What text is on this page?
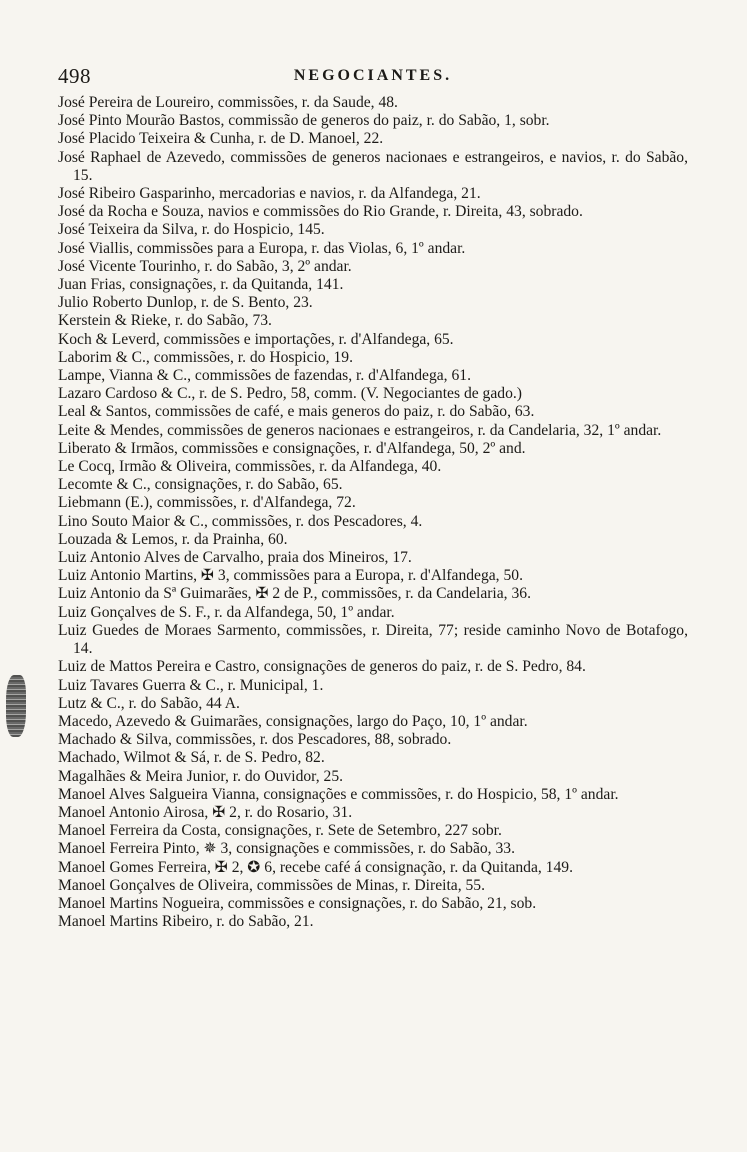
498	NEGOCIANTES.
José Pereira de Loureiro, commissões, r. da Saude, 48.
José Pinto Mourão Bastos, commissão de generos do paiz, r. do Sabão, 1, sobr.
José Placido Teixeira & Cunha, r. de D. Manoel, 22.
José Raphael de Azevedo, commissões de generos nacionaes e estrangeiros, e navios, r. do Sabão, 15.
José Ribeiro Gasparinho, mercadorias e navios, r. da Alfandega, 21.
José da Rocha e Souza, navios e commissões do Rio Grande, r. Direita, 43, sobrado.
José Teixeira da Silva, r. do Hospicio, 145.
José Viallis, commissões para a Europa, r. das Violas, 6, 1º andar.
José Vicente Tourinho, r. do Sabão, 3, 2º andar.
Juan Frias, consignações, r. da Quitanda, 141.
Julio Roberto Dunlop, r. de S. Bento, 23.
Kerstein & Rieke, r. do Sabão, 73.
Koch & Leverd, commissões e importações, r. d'Alfandega, 65.
Laborim & C., commissões, r. do Hospicio, 19.
Lampe, Vianna & C., commissões de fazendas, r. d'Alfandega, 61.
Lazaro Cardoso & C., r. de S. Pedro, 58, comm. (V. Negociantes de gado.)
Leal & Santos, commissões de café, e mais generos do paiz, r. do Sabão, 63.
Leite & Mendes, commissões de generos nacionaes e estrangeiros, r. da Candelaria, 32, 1º andar.
Liberato & Irmãos, commissões e consignações, r. d'Alfandega, 50, 2º and.
Le Cocq, Irmão & Oliveira, commissões, r. da Alfandega, 40.
Lecomte & C., consignações, r. do Sabão, 65.
Liebmann (E.), commissões, r. d'Alfandega, 72.
Lino Souto Maior & C., commissões, r. dos Pescadores, 4.
Louzada & Lemos, r. da Prainha, 60.
Luiz Antonio Alves de Carvalho, praia dos Mineiros, 17.
Luiz Antonio Martins, ✠ 3, commissões para a Europa, r. d'Alfandega, 50.
Luiz Antonio da Sª Guimarães, ✠ 2 de P., commissões, r. da Candelaria, 36.
Luiz Gonçalves de S. F., r. da Alfandega, 50, 1º andar.
Luiz Guedes de Moraes Sarmento, commissões, r. Direita, 77; reside caminho Novo de Botafogo, 14.
Luiz de Mattos Pereira e Castro, consignações de generos do paiz, r. de S. Pedro, 84.
Luiz Tavares Guerra & C., r. Municipal, 1.
Lutz & C., r. do Sabão, 44 A.
Macedo, Azevedo & Guimarães, consignações, largo do Paço, 10, 1º andar.
Machado & Silva, commissões, r. dos Pescadores, 88, sobrado.
Machado, Wilmot & Sá, r. de S. Pedro, 82.
Magalhães & Meira Junior, r. do Ouvidor, 25.
Manoel Alves Salgueira Vianna, consignações e commissões, r. do Hospicio, 58, 1º andar.
Manoel Antonio Airosa, ✠ 2, r. do Rosario, 31.
Manoel Ferreira da Costa, consignações, r. Sete de Setembro, 227 sobr.
Manoel Ferreira Pinto, ✵ 3, consignações e commissões, r. do Sabão, 33.
Manoel Gomes Ferreira, ✠ 2, ✪ 6, recebe café á consignação, r. da Quitanda, 149.
Manoel Gonçalves de Oliveira, commissões de Minas, r. Direita, 55.
Manoel Martins Nogueira, commissões e consignações, r. do Sabão, 21, sob.
Manoel Martins Ribeiro, r. do Sabão, 21.
